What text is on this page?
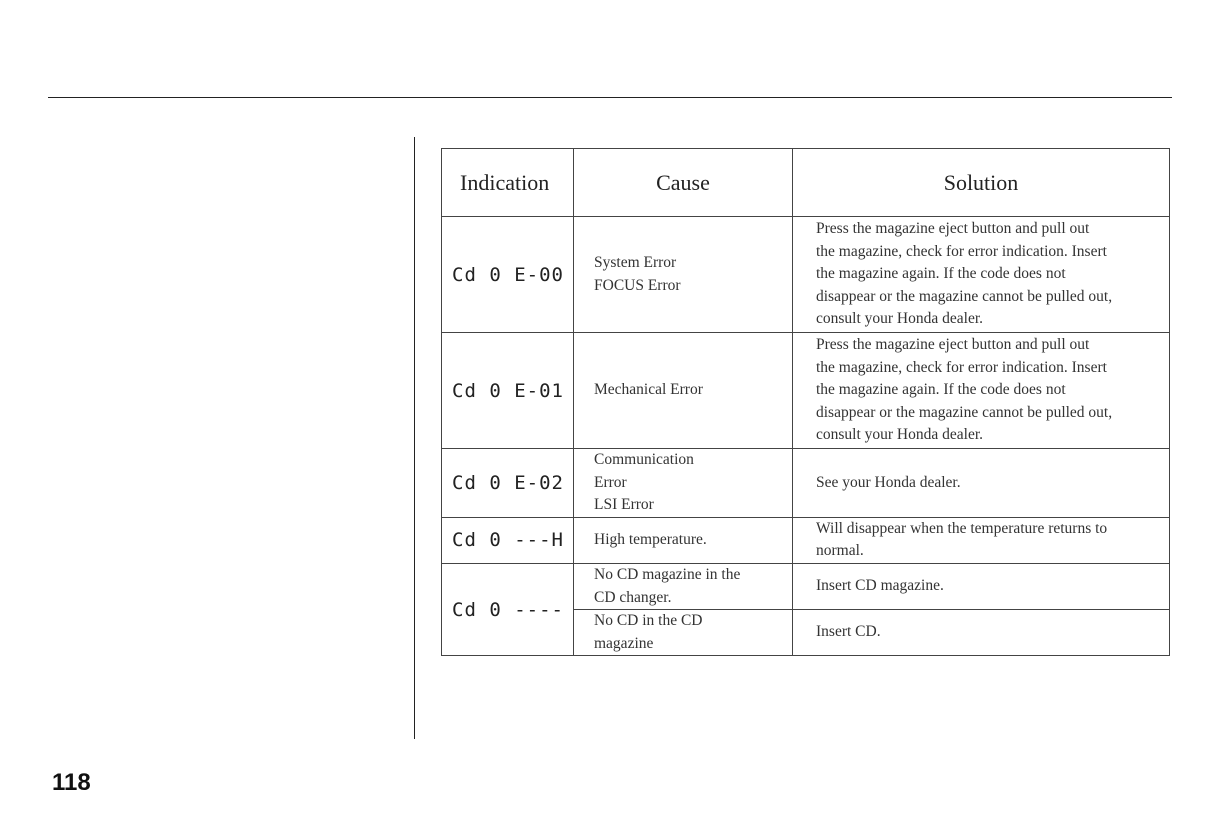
Indication	Cause	Solution
Cd 0 E-00	System Error
FOCUS Error	Press the magazine eject button and pull out
the magazine, check for error indication. Insert
the magazine again. If the code does not
disappear or the magazine cannot be pulled out,
consult your Honda dealer.

Cd 0 E-01	Mechanical Error	Press the magazine eject button and pull out
the magazine, check for error indication. Insert
the magazine again. If the code does not
disappear or the magazine cannot be pulled out,
consult your Honda dealer.

Cd 0 E-02	Communication
Error
LSI Error	See your Honda dealer.

Cd 0 ---H	High temperature.	Will disappear when the temperature returns to
normal.

Cd 0 ----	No CD magazine in the
CD changer.	Insert CD magazine.

	No CD in the CD
magazine	Insert CD.
118
